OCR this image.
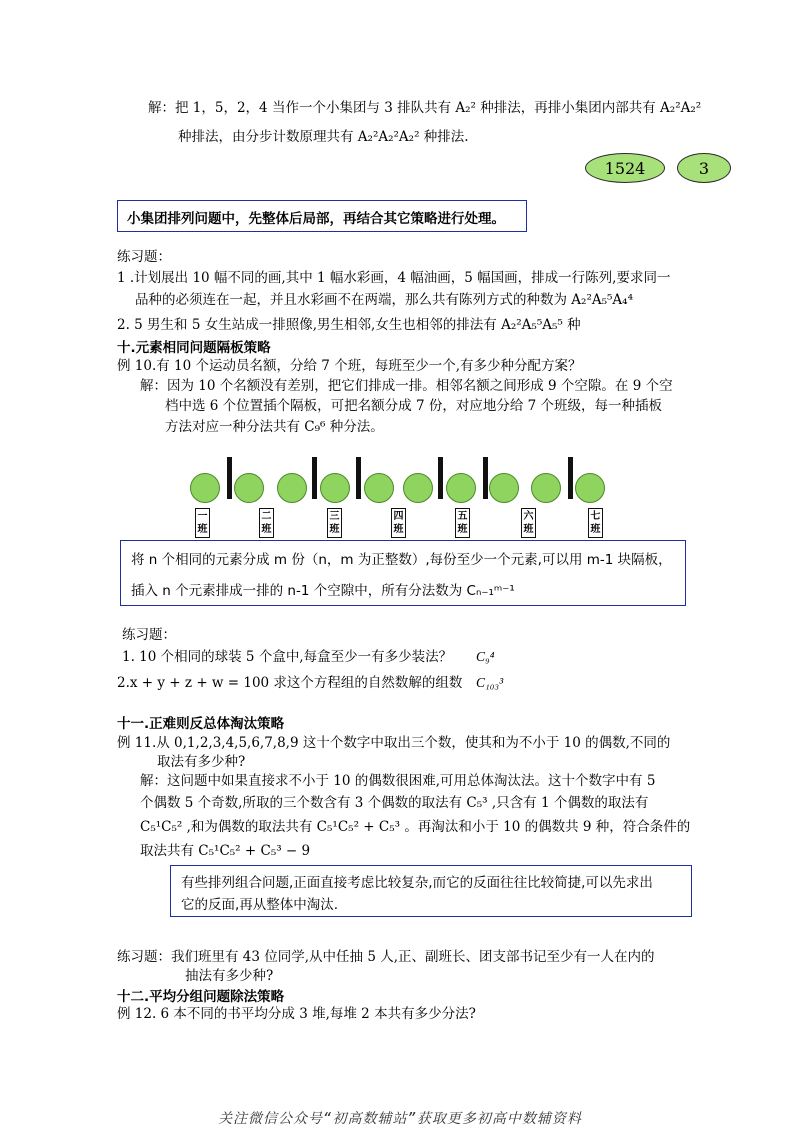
解：把 1，5，2，4 当作一个小集团与 3 排队共有 A₂² 种排法，再排小集团内部共有 A₂²A₂²
种排法，由分步计数原理共有 A₂²A₂²A₂² 种排法.
1524	3
小集团排列问题中，先整体后局部，再结合其它策略进行处理。
练习题：
1 .计划展出 10 幅不同的画,其中 1 幅水彩画，4 幅油画，5 幅国画，排成一行陈列,要求同一
品种的必须连在一起，并且水彩画不在两端，那么共有陈列方式的种数为 A₂²A₅⁵A₄⁴
2. 5 男生和 5 女生站成一排照像,男生相邻,女生也相邻的排法有 A₂²A₅⁵A₅⁵ 种
十.元素相同问题隔板策略
例 10.有 10 个运动员名额，分给 7 个班，每班至少一个,有多少种分配方案？
解：因为 10 个名额没有差别，把它们排成一排。相邻名额之间形成 9 个空隙。在 9 个空
档中选 6 个位置插个隔板，可把名额分成 7 份，对应地分给 7 个班级，每一种插板
方法对应一种分法共有 C₉⁶ 种分法。
一
班
二
班
三
班
四
班
五
班
六
班
七
班
将 n 个相同的元素分成 m 份（n，m 为正整数）,每份至少一个元素,可以用 m-1 块隔板，
插入 n 个元素排成一排的 n-1 个空隙中，所有分法数为 Cₙ₋₁ᵐ⁻¹
练习题：
1. 10 个相同的球装 5 个盒中,每盒至少一有多少装法？ C₉⁴
2.x + y + z + w = 100 求这个方程组的自然数解的组数 C₁₀₃³
十一.正难则反总体淘汰策略
例 11.从 0,1,2,3,4,5,6,7,8,9 这十个数字中取出三个数，使其和为不小于 10 的偶数,不同的
取法有多少种?
解：这问题中如果直接求不小于 10 的偶数很困难,可用总体淘汰法。这十个数字中有 5
个偶数 5 个奇数,所取的三个数含有 3 个偶数的取法有 C₅³ ,只含有 1 个偶数的取法有
C₅¹C₅² ,和为偶数的取法共有 C₅¹C₅² + C₅³ 。再淘汰和小于 10 的偶数共 9 种，符合条件的
取法共有 C₅¹C₅² + C₅³ − 9
有些排列组合问题,正面直接考虑比较复杂,而它的反面往往比较简捷,可以先求出
它的反面,再从整体中淘汰.
练习题：我们班里有 43 位同学,从中任抽 5 人,正、副班长、团支部书记至少有一人在内的
抽法有多少种?
十二.平均分组问题除法策略
例 12. 6 本不同的书平均分成 3 堆,每堆 2 本共有多少分法?
关注微信公众号“初高数辅站”获取更多初高中数辅资料
